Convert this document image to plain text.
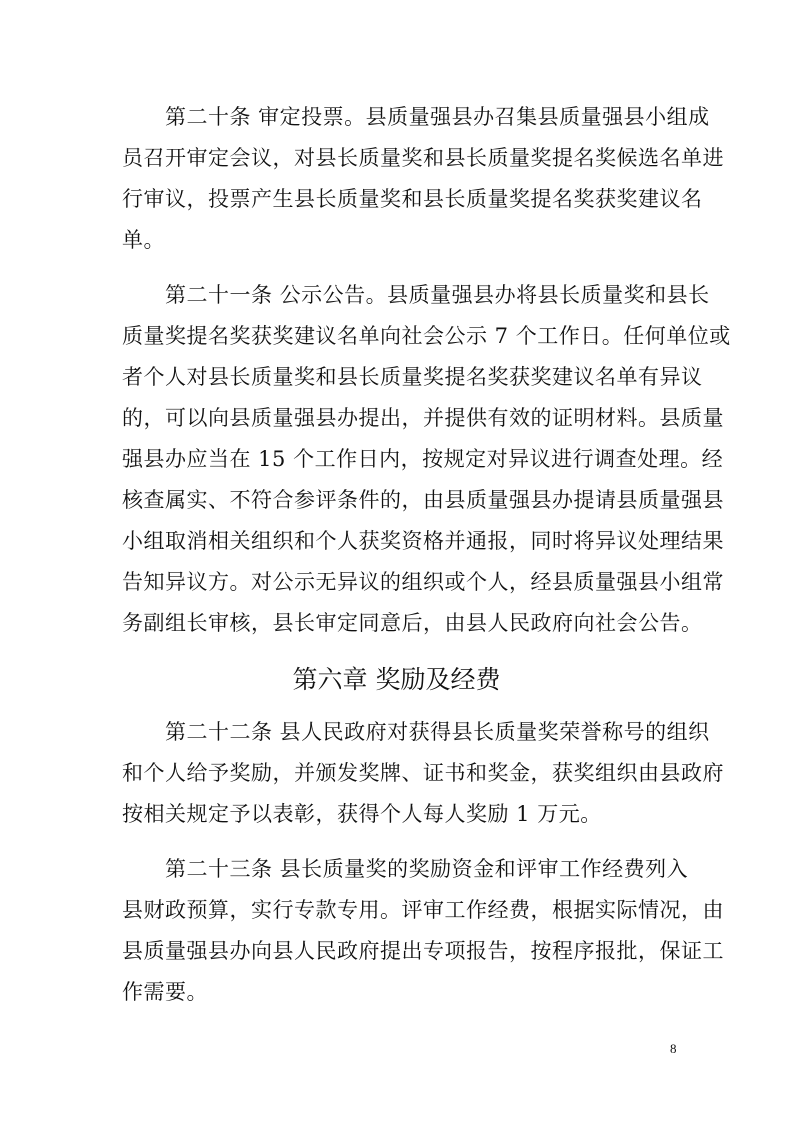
　　第二十条 审定投票。县质量强县办召集县质量强县小组成
员召开审定会议，对县长质量奖和县长质量奖提名奖候选名单进
行审议，投票产生县长质量奖和县长质量奖提名奖获奖建议名
单。
　　第二十一条 公示公告。县质量强县办将县长质量奖和县长
质量奖提名奖获奖建议名单向社会公示 7 个工作日。任何单位或
者个人对县长质量奖和县长质量奖提名奖获奖建议名单有异议
的，可以向县质量强县办提出，并提供有效的证明材料。县质量
强县办应当在 15 个工作日内，按规定对异议进行调查处理。经
核查属实、不符合参评条件的，由县质量强县办提请县质量强县
小组取消相关组织和个人获奖资格并通报，同时将异议处理结果
告知异议方。对公示无异议的组织或个人，经县质量强县小组常
务副组长审核，县长审定同意后，由县人民政府向社会公告。
第六章 奖励及经费
　　第二十二条 县人民政府对获得县长质量奖荣誉称号的组织
和个人给予奖励，并颁发奖牌、证书和奖金，获奖组织由县政府
按相关规定予以表彰，获得个人每人奖励 1 万元。
　　第二十三条 县长质量奖的奖励资金和评审工作经费列入
县财政预算，实行专款专用。评审工作经费，根据实际情况，由
县质量强县办向县人民政府提出专项报告，按程序报批，保证工
作需要。
8
